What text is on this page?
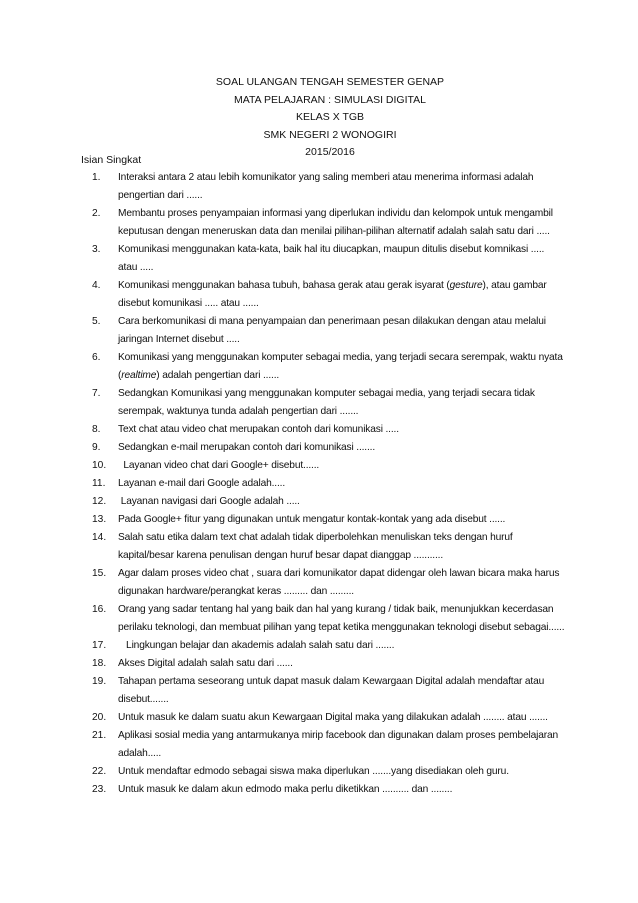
SOAL ULANGAN TENGAH SEMESTER GENAP
MATA PELAJARAN : SIMULASI DIGITAL
KELAS X TGB
SMK NEGERI 2 WONOGIRI
2015/2016
Isian Singkat
1. Interaksi antara 2 atau lebih komunikator yang saling memberi atau menerima informasi adalah pengertian dari ......
2. Membantu proses penyampaian informasi yang diperlukan individu dan kelompok untuk mengambil keputusan dengan meneruskan data dan menilai pilihan-pilihan alternatif adalah salah satu dari .....
3. Komunikasi menggunakan kata-kata, baik hal itu diucapkan, maupun ditulis disebut komnikasi ..... atau .....
4. Komunikasi menggunakan bahasa tubuh, bahasa gerak atau gerak isyarat (gesture), atau gambar disebut komunikasi ..... atau ......
5. Cara berkomunikasi di mana penyampaian dan penerimaan pesan dilakukan dengan atau melalui jaringan Internet disebut .....
6. Komunikasi yang menggunakan komputer sebagai media, yang terjadi secara serempak, waktu nyata (realtime) adalah pengertian dari ......
7. Sedangkan Komunikasi yang menggunakan komputer sebagai media, yang terjadi secara tidak serempak, waktunya tunda adalah pengertian dari .......
8. Text chat atau video chat merupakan contoh dari komunikasi .....
9. Sedangkan e-mail merupakan contoh dari komunikasi .......
10. Layanan video chat dari Google+ disebut......
11. Layanan e-mail dari Google adalah.....
12. Layanan navigasi dari Google adalah .....
13. Pada Google+ fitur yang digunakan untuk mengatur kontak-kontak yang ada disebut ......
14. Salah satu etika dalam text chat adalah tidak diperbolehkan menuliskan teks dengan huruf kapital/besar karena penulisan dengan huruf besar dapat dianggap ...........
15. Agar dalam proses video chat , suara dari komunikator dapat didengar oleh lawan bicara maka harus digunakan hardware/perangkat keras ......... dan .........
16. Orang yang sadar tentang hal yang baik dan hal yang kurang / tidak baik, menunjukkan kecerdasan perilaku teknologi, dan membuat pilihan yang tepat ketika menggunakan teknologi disebut sebagai......
17. Lingkungan belajar dan akademis adalah salah satu dari .......
18. Akses Digital adalah salah satu dari ......
19. Tahapan pertama seseorang untuk dapat masuk dalam Kewargaan Digital adalah mendaftar atau disebut.......
20. Untuk masuk ke dalam suatu akun Kewargaan Digital maka yang dilakukan adalah ........ atau .......
21. Aplikasi sosial media yang antarmukanya mirip facebook dan digunakan dalam proses pembelajaran adalah.....
22. Untuk mendaftar edmodo sebagai siswa maka diperlukan .......yang disediakan oleh guru.
23. Untuk masuk ke dalam akun edmodo maka perlu diketikkan .......... dan ........
